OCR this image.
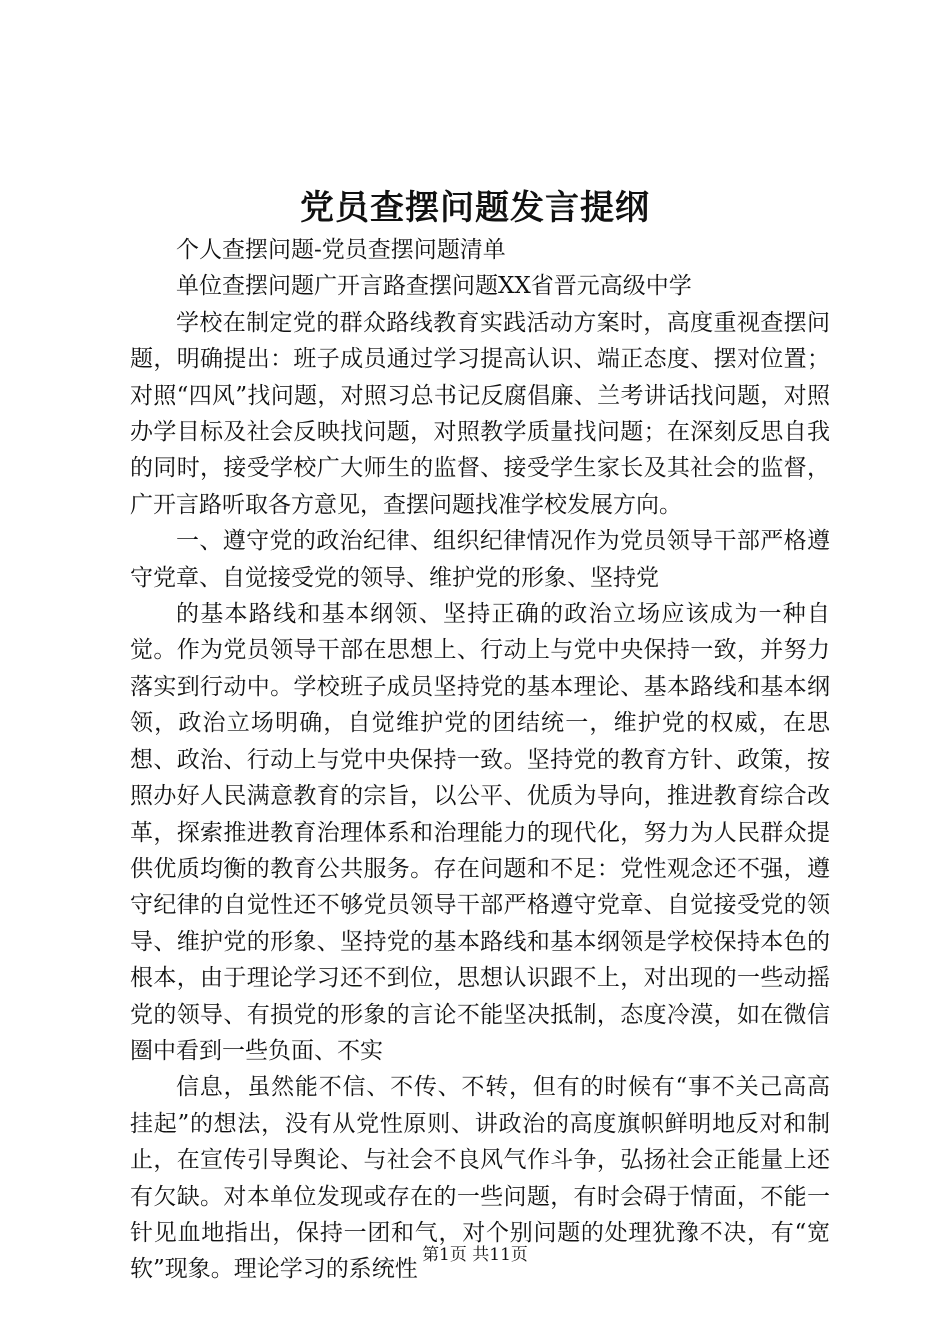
党员查摆问题发言提纲

个人查摆问题-党员查摆问题清单

单位查摆问题广开言路查摆问题XX省晋元高级中学

学校在制定党的群众路线教育实践活动方案时，高度重视查摆问题，明确提出：班子成员通过学习提高认识、端正态度、摆对位置；对照“四风”找问题，对照习总书记反腐倡廉、兰考讲话找问题，对照办学目标及社会反映找问题，对照教学质量找问题；在深刻反思自我的同时，接受学校广大师生的监督、接受学生家长及其社会的监督，广开言路听取各方意见，查摆问题找准学校发展方向。

一、遵守党的政治纪律、组织纪律情况作为党员领导干部严格遵守党章、自觉接受党的领导、维护党的形象、坚持党

的基本路线和基本纲领、坚持正确的政治立场应该成为一种自觉。作为党员领导干部在思想上、行动上与党中央保持一致，并努力落实到行动中。学校班子成员坚持党的基本理论、基本路线和基本纲领，政治立场明确，自觉维护党的团结统一，维护党的权威，在思想、政治、行动上与党中央保持一致。坚持党的教育方针、政策，按照办好人民满意教育的宗旨，以公平、优质为导向，推进教育综合改革，探索推进教育治理体系和治理能力的现代化，努力为人民群众提供优质均衡的教育公共服务。存在问题和不足：党性观念还不强，遵守纪律的自觉性还不够党员领导干部严格遵守党章、自觉接受党的领导、维护党的形象、坚持党的基本路线和基本纲领是学校保持本色的根本，由于理论学习还不到位，思想认识跟不上，对出现的一些动摇党的领导、有损党的形象的言论不能坚决抵制，态度冷漠，如在微信圈中看到一些负面、不实

信息，虽然能不信、不传、不转，但有的时候有“事不关己高高挂起”的想法，没有从党性原则、讲政治的高度旗帜鲜明地反对和制止，在宣传引导舆论、与社会不良风气作斗争，弘扬社会正能量上还有欠缺。对本单位发现或存在的一些问题，有时会碍于情面，不能一针见血地指出，保持一团和气，对个别问题的处理犹豫不决，有“宽软”现象。理论学习的系统性

第1页 共11页
